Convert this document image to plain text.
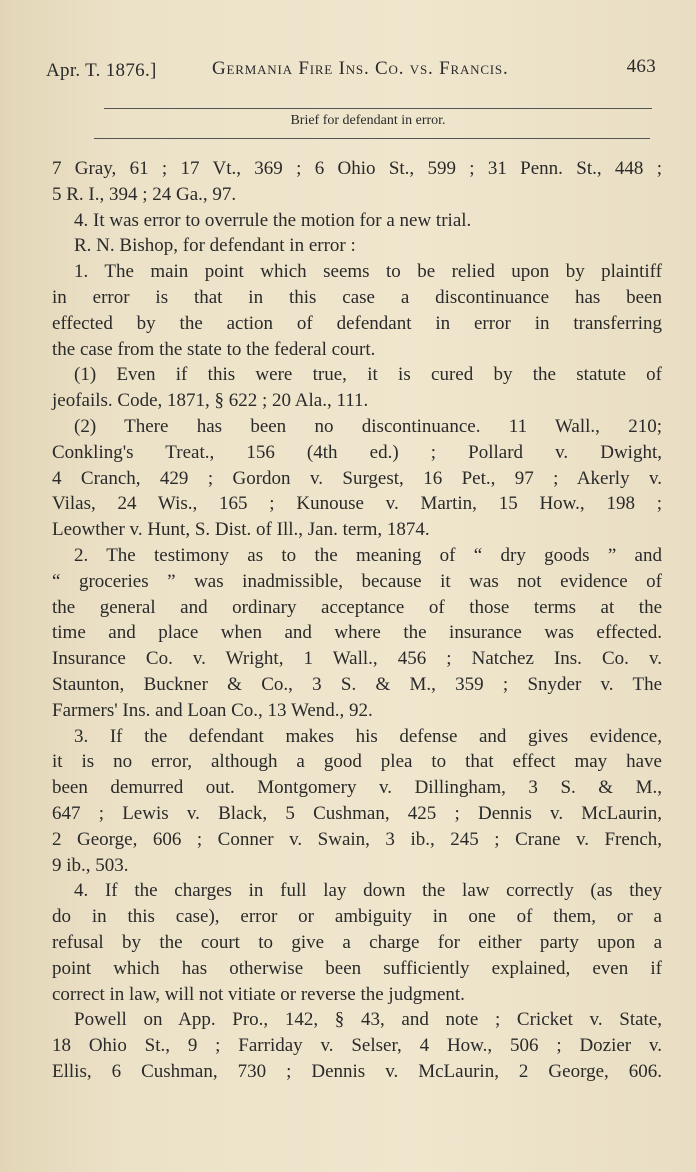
Apr. T. 1876.]	Germania Fire Ins. Co. vs. Francis.	463
Brief for defendant in error.
7 Gray, 61 ; 17 Vt., 369 ; 6 Ohio St., 599 ; 31 Penn. St., 448 ;
5 R. I., 394 ; 24 Ga., 97.
4. It was error to overrule the motion for a new trial.
R. N. Bishop, for defendant in error :
1. The main point which seems to be relied upon by plaintiff
in error is that in this case a discontinuance has been
effected by the action of defendant in error in transferring
the case from the state to the federal court.
(1) Even if this were true, it is cured by the statute of
jeofails. Code, 1871, § 622 ; 20 Ala., 111.
(2) There has been no discontinuance. 11 Wall., 210;
Conkling's Treat., 156 (4th ed.) ; Pollard v. Dwight,
4 Cranch, 429 ; Gordon v. Surgest, 16 Pet., 97 ; Akerly v.
Vilas, 24 Wis., 165 ; Kunouse v. Martin, 15 How., 198 ;
Leowther v. Hunt, S. Dist. of Ill., Jan. term, 1874.
2. The testimony as to the meaning of “ dry goods ” and
“ groceries ” was inadmissible, because it was not evidence of
the general and ordinary acceptance of those terms at the
time and place when and where the insurance was effected.
Insurance Co. v. Wright, 1 Wall., 456 ; Natchez Ins. Co. v.
Staunton, Buckner & Co., 3 S. & M., 359 ; Snyder v. The
Farmers' Ins. and Loan Co., 13 Wend., 92.
3. If the defendant makes his defense and gives evidence,
it is no error, although a good plea to that effect may have
been demurred out. Montgomery v. Dillingham, 3 S. & M.,
647 ; Lewis v. Black, 5 Cushman, 425 ; Dennis v. McLaurin,
2 George, 606 ; Conner v. Swain, 3 ib., 245 ; Crane v. French,
9 ib., 503.
4. If the charges in full lay down the law correctly (as they
do in this case), error or ambiguity in one of them, or a
refusal by the court to give a charge for either party upon a
point which has otherwise been sufficiently explained, even if
correct in law, will not vitiate or reverse the judgment.
Powell on App. Pro., 142, § 43, and note ; Cricket v. State,
18 Ohio St., 9 ; Farriday v. Selser, 4 How., 506 ; Dozier v.
Ellis, 6 Cushman, 730 ; Dennis v. McLaurin, 2 George, 606.
